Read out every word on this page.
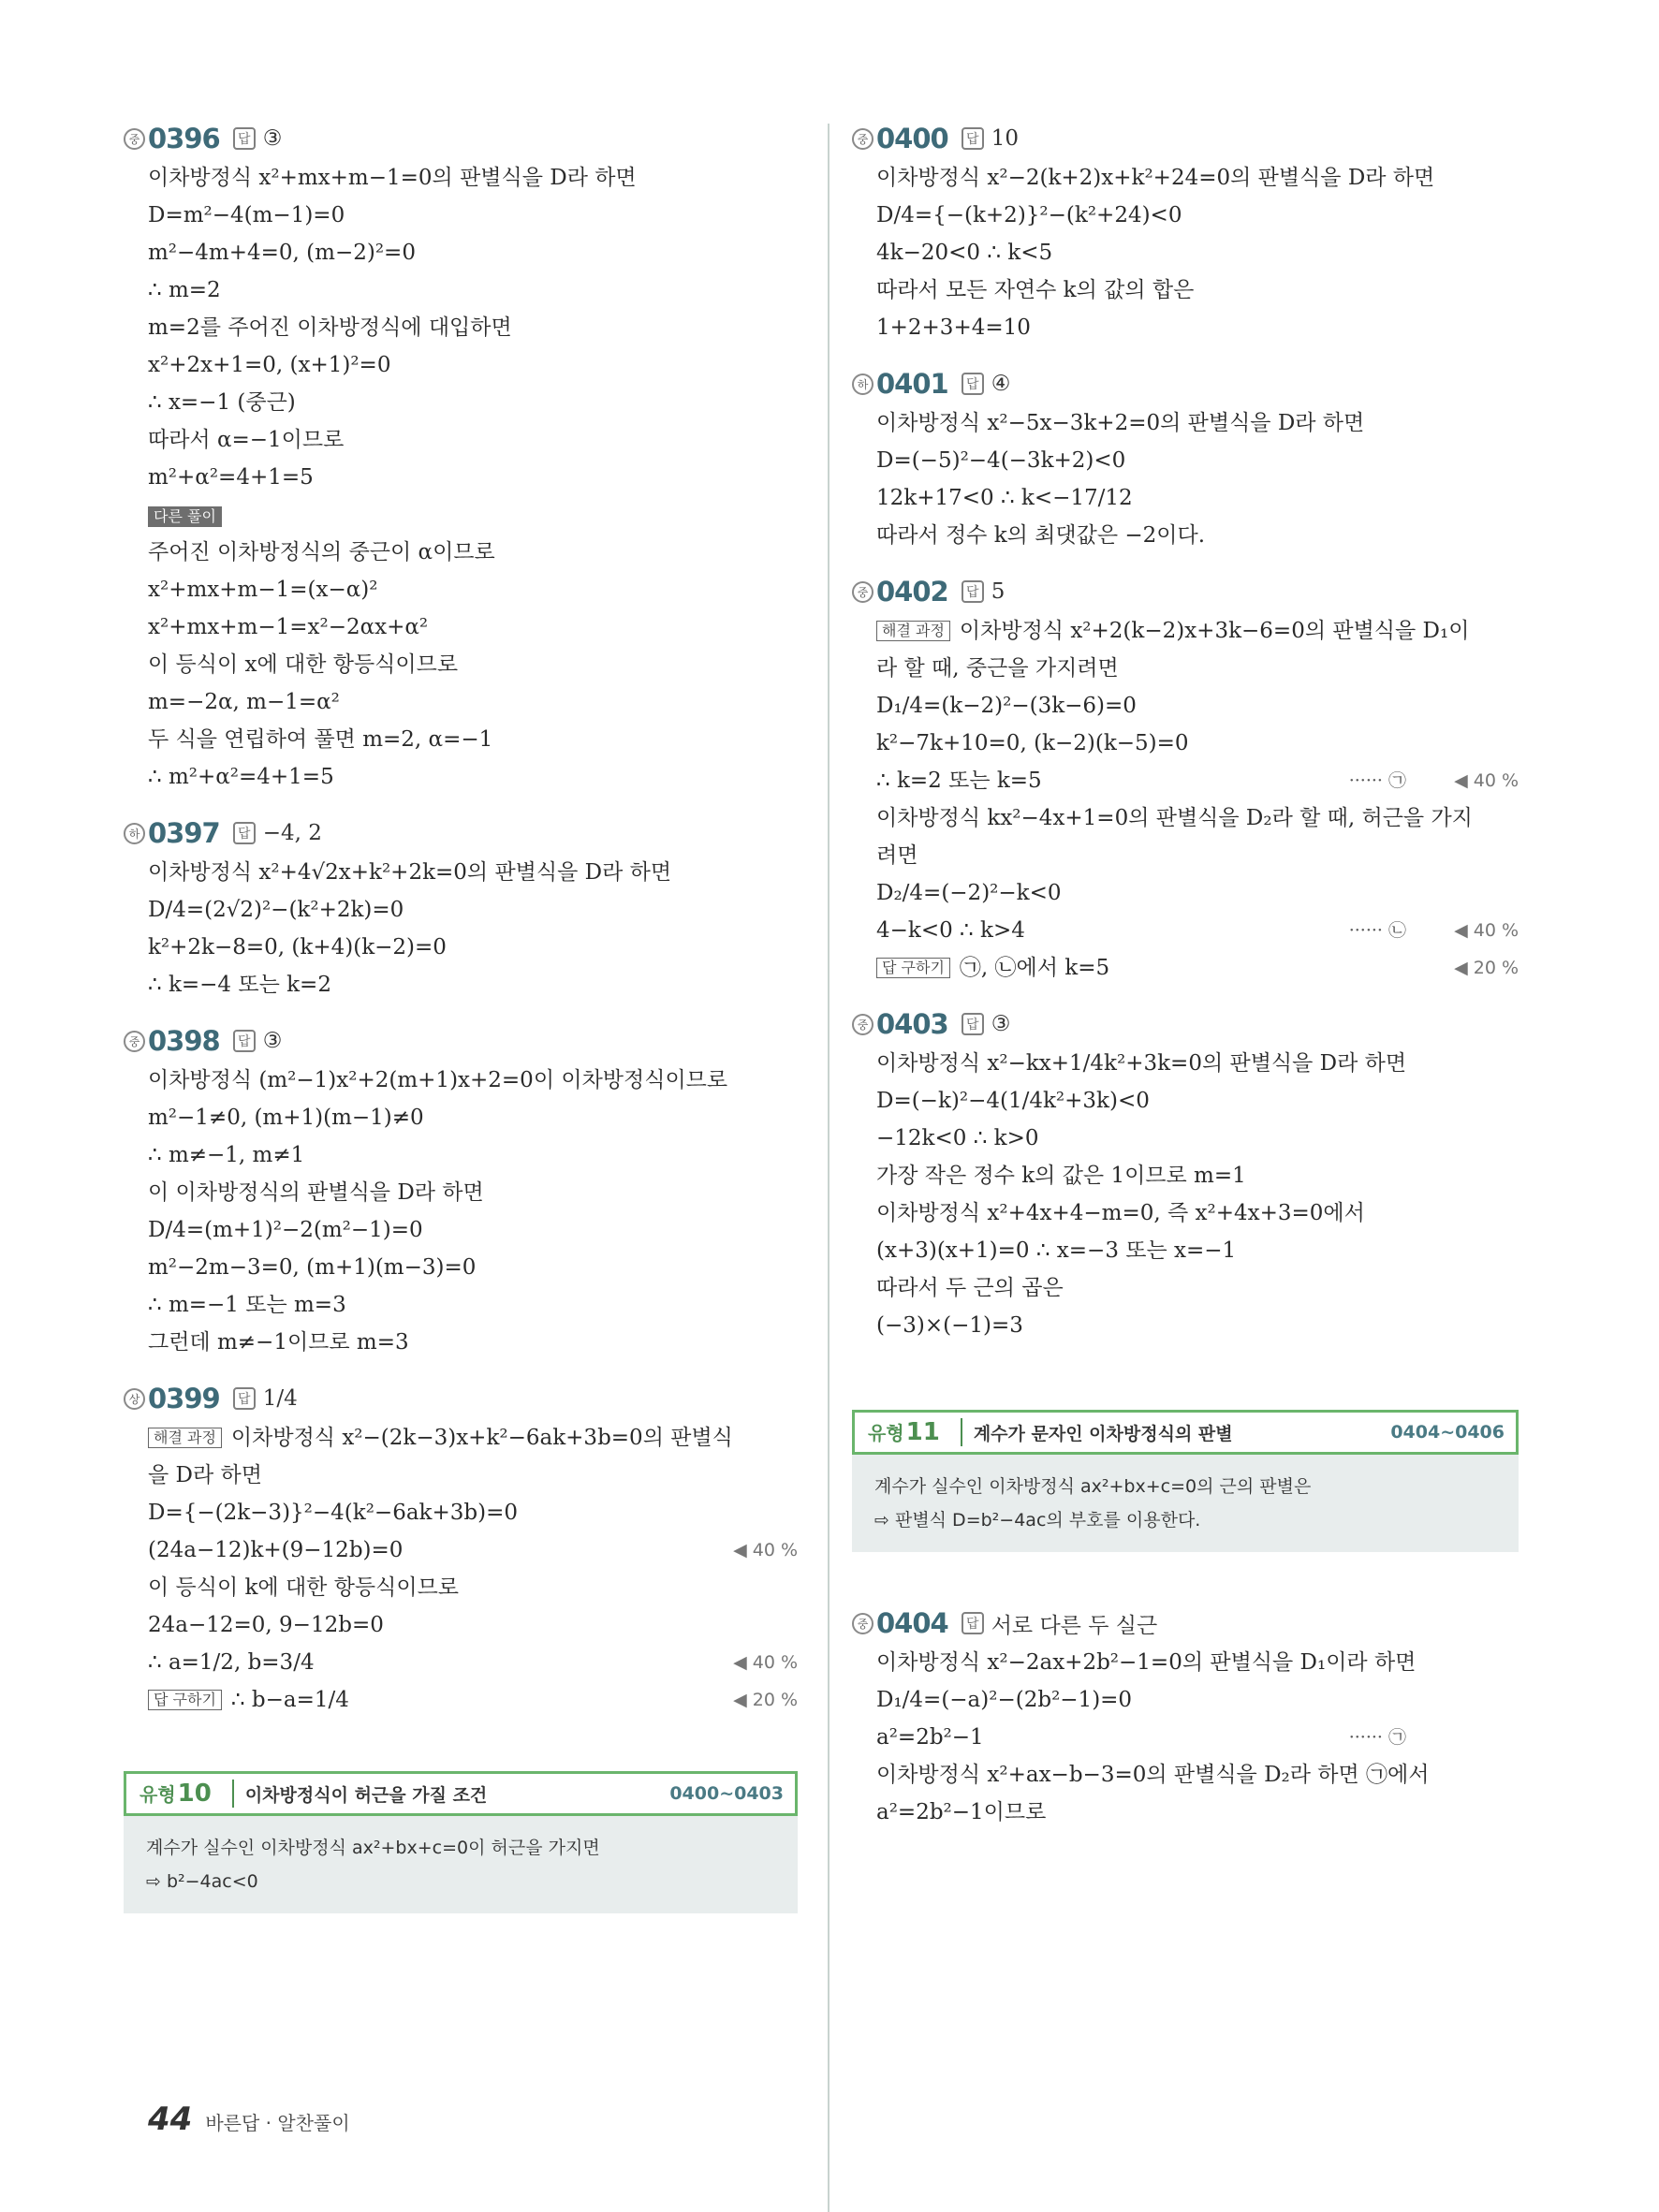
중 0396	답 ③
이차방정식 x²+mx+m−1=0의 판별식을 D라 하면
D=m²−4(m−1)=0
m²−4m+4=0, (m−2)²=0
∴ m=2
m=2를 주어진 이차방정식에 대입하면
x²+2x+1=0, (x+1)²=0
∴ x=−1 (중근)
따라서 α=−1이므로
m²+α²=4+1=5
다른 풀이
주어진 이차방정식의 중근이 α이므로
x²+mx+m−1=(x−α)²
x²+mx+m−1=x²−2αx+α²
이 등식이 x에 대한 항등식이므로
m=−2α, m−1=α²
두 식을 연립하여 풀면 m=2, α=−1
∴ m²+α²=4+1=5
하 0397	답 −4, 2
이차방정식 x²+4√2x+k²+2k=0의 판별식을 D라 하면
D/4=(2√2)²−(k²+2k)=0
k²+2k−8=0, (k+4)(k−2)=0
∴ k=−4 또는 k=2
중 0398	답 ③
이차방정식 (m²−1)x²+2(m+1)x+2=0이 이차방정식이므로
m²−1≠0, (m+1)(m−1)≠0
∴ m≠−1, m≠1
이 이차방정식의 판별식을 D라 하면
D/4=(m+1)²−2(m²−1)=0
m²−2m−3=0, (m+1)(m−3)=0
∴ m=−1 또는 m=3
그런데 m≠−1이므로 m=3
상 0399	답 1/4
해결 과정 이차방정식 x²−(2k−3)x+k²−6ak+3b=0의 판별식
을 D라 하면
D={−(2k−3)}²−4(k²−6ak+3b)=0
(24a−12)k+(9−12b)=0	◀ 40 %
이 등식이 k에 대한 항등식이므로
24a−12=0, 9−12b=0
∴ a=1/2, b=3/4	◀ 40 %
답 구하기 ∴ b−a=1/4	◀ 20 %
유형10	이차방정식이 허근을 가질 조건	0400~0403
계수가 실수인 이차방정식 ax²+bx+c=0이 허근을 가지면
⇨ b²−4ac<0
중 0400	답 10
이차방정식 x²−2(k+2)x+k²+24=0의 판별식을 D라 하면
D/4={−(k+2)}²−(k²+24)<0
4k−20<0 ∴ k<5
따라서 모든 자연수 k의 값의 합은
1+2+3+4=10
하 0401	답 ④
이차방정식 x²−5x−3k+2=0의 판별식을 D라 하면
D=(−5)²−4(−3k+2)<0
12k+17<0 ∴ k<−17/12
따라서 정수 k의 최댓값은 −2이다.
중 0402	답 5
해결 과정 이차방정식 x²+2(k−2)x+3k−6=0의 판별식을 D₁이
라 할 때, 중근을 가지려면
D₁/4=(k−2)²−(3k−6)=0
k²−7k+10=0, (k−2)(k−5)=0
∴ k=2 또는 k=5	······ ㉠	◀ 40 %
이차방정식 kx²−4x+1=0의 판별식을 D₂라 할 때, 허근을 가지
려면
D₂/4=(−2)²−k<0
4−k<0 ∴ k>4	······ ㉡	◀ 40 %
답 구하기 ㉠, ㉡에서 k=5	◀ 20 %
중 0403	답 ③
이차방정식 x²−kx+1/4k²+3k=0의 판별식을 D라 하면
D=(−k)²−4(1/4k²+3k)<0
−12k<0 ∴ k>0
가장 작은 정수 k의 값은 1이므로 m=1
이차방정식 x²+4x+4−m=0, 즉 x²+4x+3=0에서
(x+3)(x+1)=0 ∴ x=−3 또는 x=−1
따라서 두 근의 곱은
(−3)×(−1)=3
유형11	계수가 문자인 이차방정식의 판별	0404~0406
계수가 실수인 이차방정식 ax²+bx+c=0의 근의 판별은
⇨ 판별식 D=b²−4ac의 부호를 이용한다.
중 0404	답 서로 다른 두 실근
이차방정식 x²−2ax+2b²−1=0의 판별식을 D₁이라 하면
D₁/4=(−a)²−(2b²−1)=0
a²=2b²−1	······ ㉠
이차방정식 x²+ax−b−3=0의 판별식을 D₂라 하면 ㉠에서
a²=2b²−1이므로
44 바른답 · 알찬풀이
